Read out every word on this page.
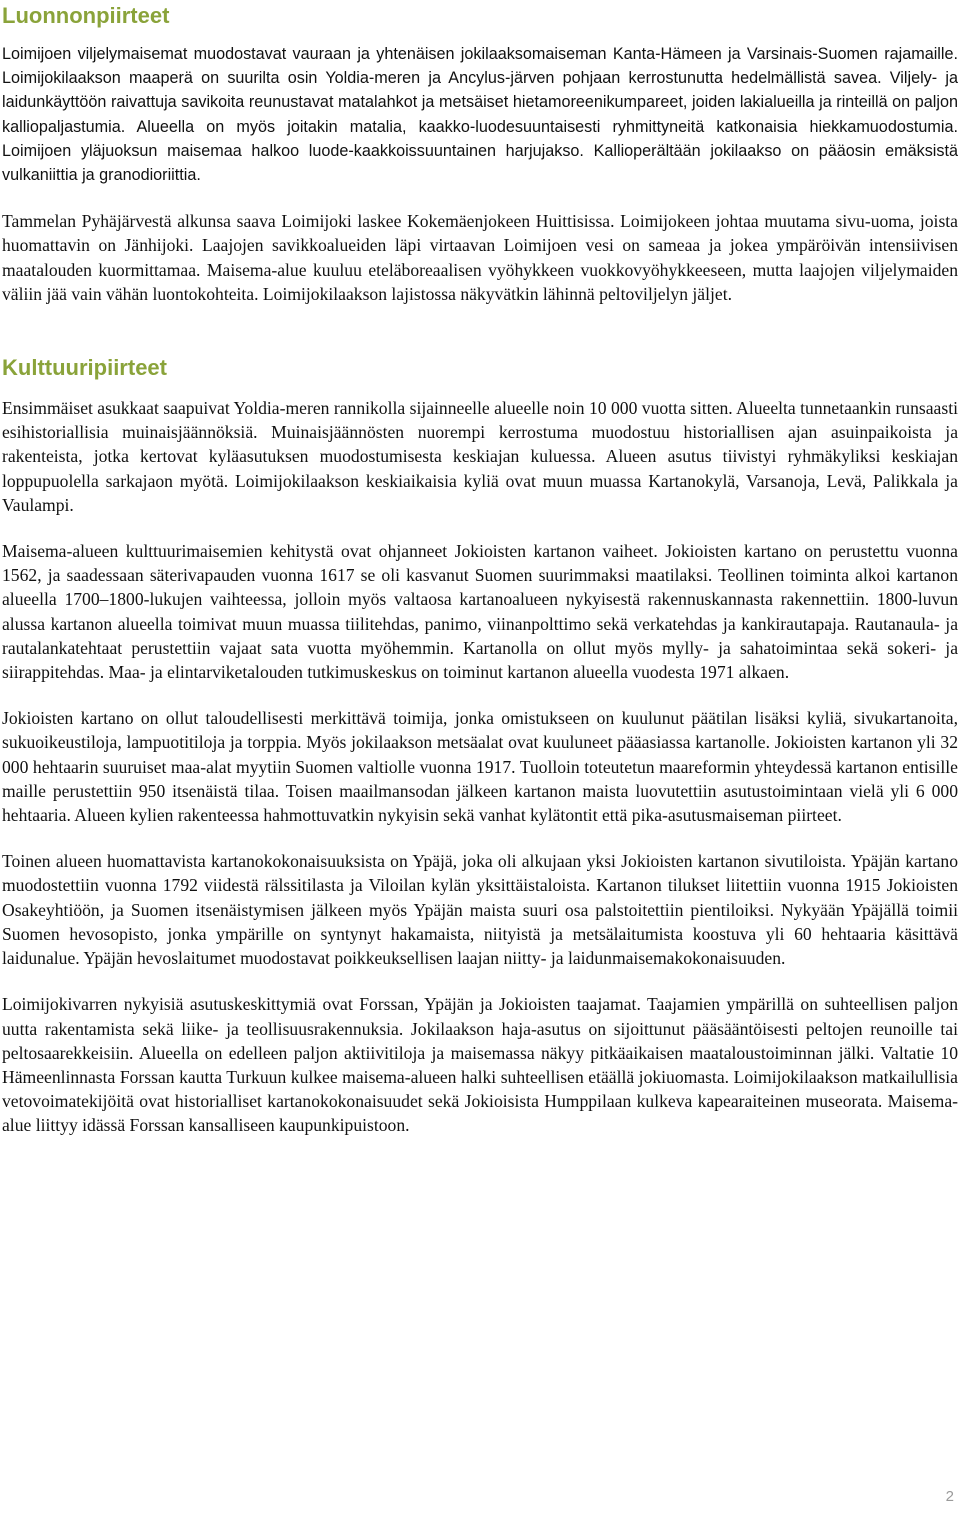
Luonnonpiirteet

Loimijoen viljelymaisemat muodostavat vauraan ja yhtenäisen jokilaaksomaiseman Kanta-Hämeen ja Varsinais-Suomen rajamaille. Loimijokilaakson maaperä on suurilta osin Yoldia-meren ja Ancylus-järven pohjaan kerrostunutta hedelmällistä savea. Viljely- ja laidunkäyttöön raivattuja savikoita reunustavat matalahkot ja metsäiset hietamoreenikumpareet, joiden lakialueilla ja rinteillä on paljon kalliopaljastumia. Alueella on myös joitakin matalia, kaakko-luodesuuntaisesti ryhmittyneitä katkonaisia hiekkamuodostumia. Loimijoen yläjuoksun maisemaa halkoo luode-kaakkoissuuntainen harjujakso. Kallioperältään jokilaakso on pääosin emäksistä vulkaniittia ja granodioriittia.

Tammelan Pyhäjärvestä alkunsa saava Loimijoki laskee Kokemäenjokeen Huittisissa. Loimijokeen johtaa muutama sivu-uoma, joista huomattavin on Jänhijoki. Laajojen savikkoalueiden läpi virtaavan Loimijoen vesi on sameaa ja jokea ympäröivän intensiivisen maatalouden kuormittamaa. Maisema-alue kuuluu eteläboreaalisen vyöhykkeen vuokkovyöhykkeeseen, mutta laajojen viljelymaiden väliin jää vain vähän luontokohteita. Loimijokilaakson lajistossa näkyvätkin lähinnä peltoviljelyn jäljet.

Kulttuuripiirteet

Ensimmäiset asukkaat saapuivat Yoldia-meren rannikolla sijainneelle alueelle noin 10 000 vuotta sitten. Alueelta tunnetaankin runsaasti esihistoriallisia muinaisjäännöksiä. Muinaisjäännösten nuorempi kerrostuma muodostuu historiallisen ajan asuinpaikoista ja rakenteista, jotka kertovat kyläasutuksen muodostumisesta keskiajan kuluessa. Alueen asutus tiivistyi ryhmäkyliksi keskiajan loppupuolella sarkajaon myötä. Loimijokilaakson keskiaikaisia kyliä ovat muun muassa Kartanokylä, Varsanoja, Levä, Palikkala ja Vaulampi.

Maisema-alueen kulttuurimaisemien kehitystä ovat ohjanneet Jokioisten kartanon vaiheet. Jokioisten kartano on perustettu vuonna 1562, ja saadessaan säterivapauden vuonna 1617 se oli kasvanut Suomen suurimmaksi maatilaksi. Teollinen toiminta alkoi kartanon alueella 1700–1800-lukujen vaihteessa, jolloin myös valtaosa kartanoalueen nykyisestä rakennuskannasta rakennettiin. 1800-luvun alussa kartanon alueella toimivat muun muassa tiilitehdas, panimo, viinanpolttimo sekä verkatehdas ja kankirautapaja. Rautanaula- ja rautalankatehtaat perustettiin vajaat sata vuotta myöhemmin. Kartanolla on ollut myös mylly- ja sahatoimintaa sekä sokeri- ja siirappitehdas. Maa- ja elintarviketalouden tutkimuskeskus on toiminut kartanon alueella vuodesta 1971 alkaen.

Jokioisten kartano on ollut taloudellisesti merkittävä toimija, jonka omistukseen on kuulunut päätilan lisäksi kyliä, sivukartanoita, sukuoikeustiloja, lampuotitiloja ja torppia. Myös jokilaakson metsäalat ovat kuuluneet pääasiassa kartanolle. Jokioisten kartanon yli 32 000 hehtaarin suuruiset maa-alat myytiin Suomen valtiolle vuonna 1917. Tuolloin toteutetun maareformin yhteydessä kartanon entisille maille perustettiin 950 itsenäistä tilaa. Toisen maailmansodan jälkeen kartanon maista luovutettiin asutustoimintaan vielä yli 6 000 hehtaaria. Alueen kylien rakenteessa hahmottuvatkin nykyisin sekä vanhat kylätontit että pika-asutusmaiseman piirteet.

Toinen alueen huomattavista kartanokokonaisuuksista on Ypäjä, joka oli alkujaan yksi Jokioisten kartanon sivutiloista. Ypäjän kartano muodostettiin vuonna 1792 viidestä rälssitilasta ja Viloilan kylän yksittäistaloista. Kartanon tilukset liitettiin vuonna 1915 Jokioisten Osakeyhtiöön, ja Suomen itsenäistymisen jälkeen myös Ypäjän maista suuri osa palstoitettiin pientiloiksi. Nykyään Ypäjällä toimii Suomen hevosopisto, jonka ympärille on syntynyt hakamaista, niityistä ja metsälaitumista koostuva yli 60 hehtaaria käsittävä laidunalue. Ypäjän hevoslaitumet muodostavat poikkeuksellisen laajan niitty- ja laidunmaisemakokonaisuuden.

Loimijokivarren nykyisiä asutuskeskittymiä ovat Forssan, Ypäjän ja Jokioisten taajamat. Taajamien ympärillä on suhteellisen paljon uutta rakentamista sekä liike- ja teollisuusrakennuksia. Jokilaakson haja-asutus on sijoittunut pääsääntöisesti peltojen reunoille tai peltosaarekkeisiin. Alueella on edelleen paljon aktiivitiloja ja maisemassa näkyy pitkäaikaisen maataloustoiminnan jälki. Valtatie 10 Hämeenlinnasta Forssan kautta Turkuun kulkee maisema-alueen halki suhteellisen etäällä jokiuomasta. Loimijokilaakson matkailullisia vetovoimatekijöitä ovat historialliset kartanokokonaisuudet sekä Jokioisista Humppilaan kulkeva kapearaiteinen museorata. Maisema-alue liittyy idässä Forssan kansalliseen kaupunkipuistoon.

2
